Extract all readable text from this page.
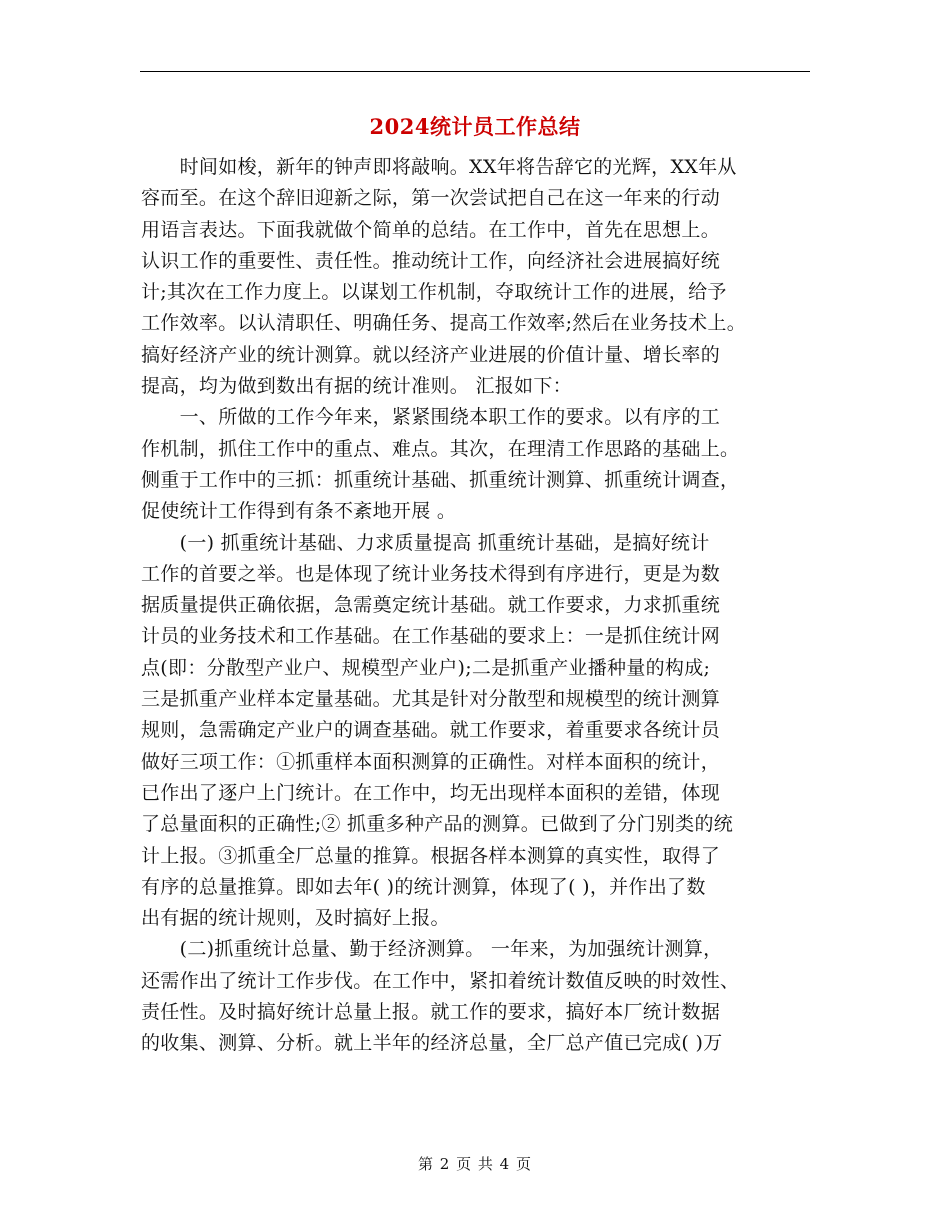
2024统计员工作总结
　　时间如梭，新年的钟声即将敲响。XX年将告辞它的光辉，XX年从
容而至。在这个辞旧迎新之际，第一次尝试把自己在这一年来的行动
用语言表达。下面我就做个简单的总结。在工作中，首先在思想上。
认识工作的重要性、责任性。推动统计工作，向经济社会进展搞好统
计;其次在工作力度上。以谋划工作机制，夺取统计工作的进展，给予
工作效率。以认清职任、明确任务、提高工作效率;然后在业务技术上。
搞好经济产业的统计测算。就以经济产业进展的价值计量、增长率的
提高，均为做到数出有据的统计准则。 汇报如下：
　　一、所做的工作今年来，紧紧围绕本职工作的要求。以有序的工
作机制，抓住工作中的重点、难点。其次，在理清工作思路的基础上。
侧重于工作中的三抓：抓重统计基础、抓重统计测算、抓重统计调查，
促使统计工作得到有条不紊地开展 。
　　(一) 抓重统计基础、力求质量提高 抓重统计基础，是搞好统计
工作的首要之举。也是体现了统计业务技术得到有序进行，更是为数
据质量提供正确依据，急需奠定统计基础。就工作要求，力求抓重统
计员的业务技术和工作基础。在工作基础的要求上：一是抓住统计网
点(即：分散型产业户、规模型产业户);二是抓重产业播种量的构成;
三是抓重产业样本定量基础。尤其是针对分散型和规模型的统计测算
规则，急需确定产业户的调查基础。就工作要求，着重要求各统计员
做好三项工作：①抓重样本面积测算的正确性。对样本面积的统计，
已作出了逐户上门统计。在工作中，均无出现样本面积的差错，体现
了总量面积的正确性;② 抓重多种产品的测算。已做到了分门别类的统
计上报。③抓重全厂总量的推算。根据各样本测算的真实性，取得了
有序的总量推算。即如去年( )的统计测算，体现了( )，并作出了数
出有据的统计规则，及时搞好上报。
　　(二)抓重统计总量、勤于经济测算。 一年来，为加强统计测算，
还需作出了统计工作步伐。在工作中，紧扣着统计数值反映的时效性、
责任性。及时搞好统计总量上报。就工作的要求，搞好本厂统计数据
的收集、测算、分析。就上半年的经济总量，全厂总产值已完成( )万
第 2 页 共 4 页
